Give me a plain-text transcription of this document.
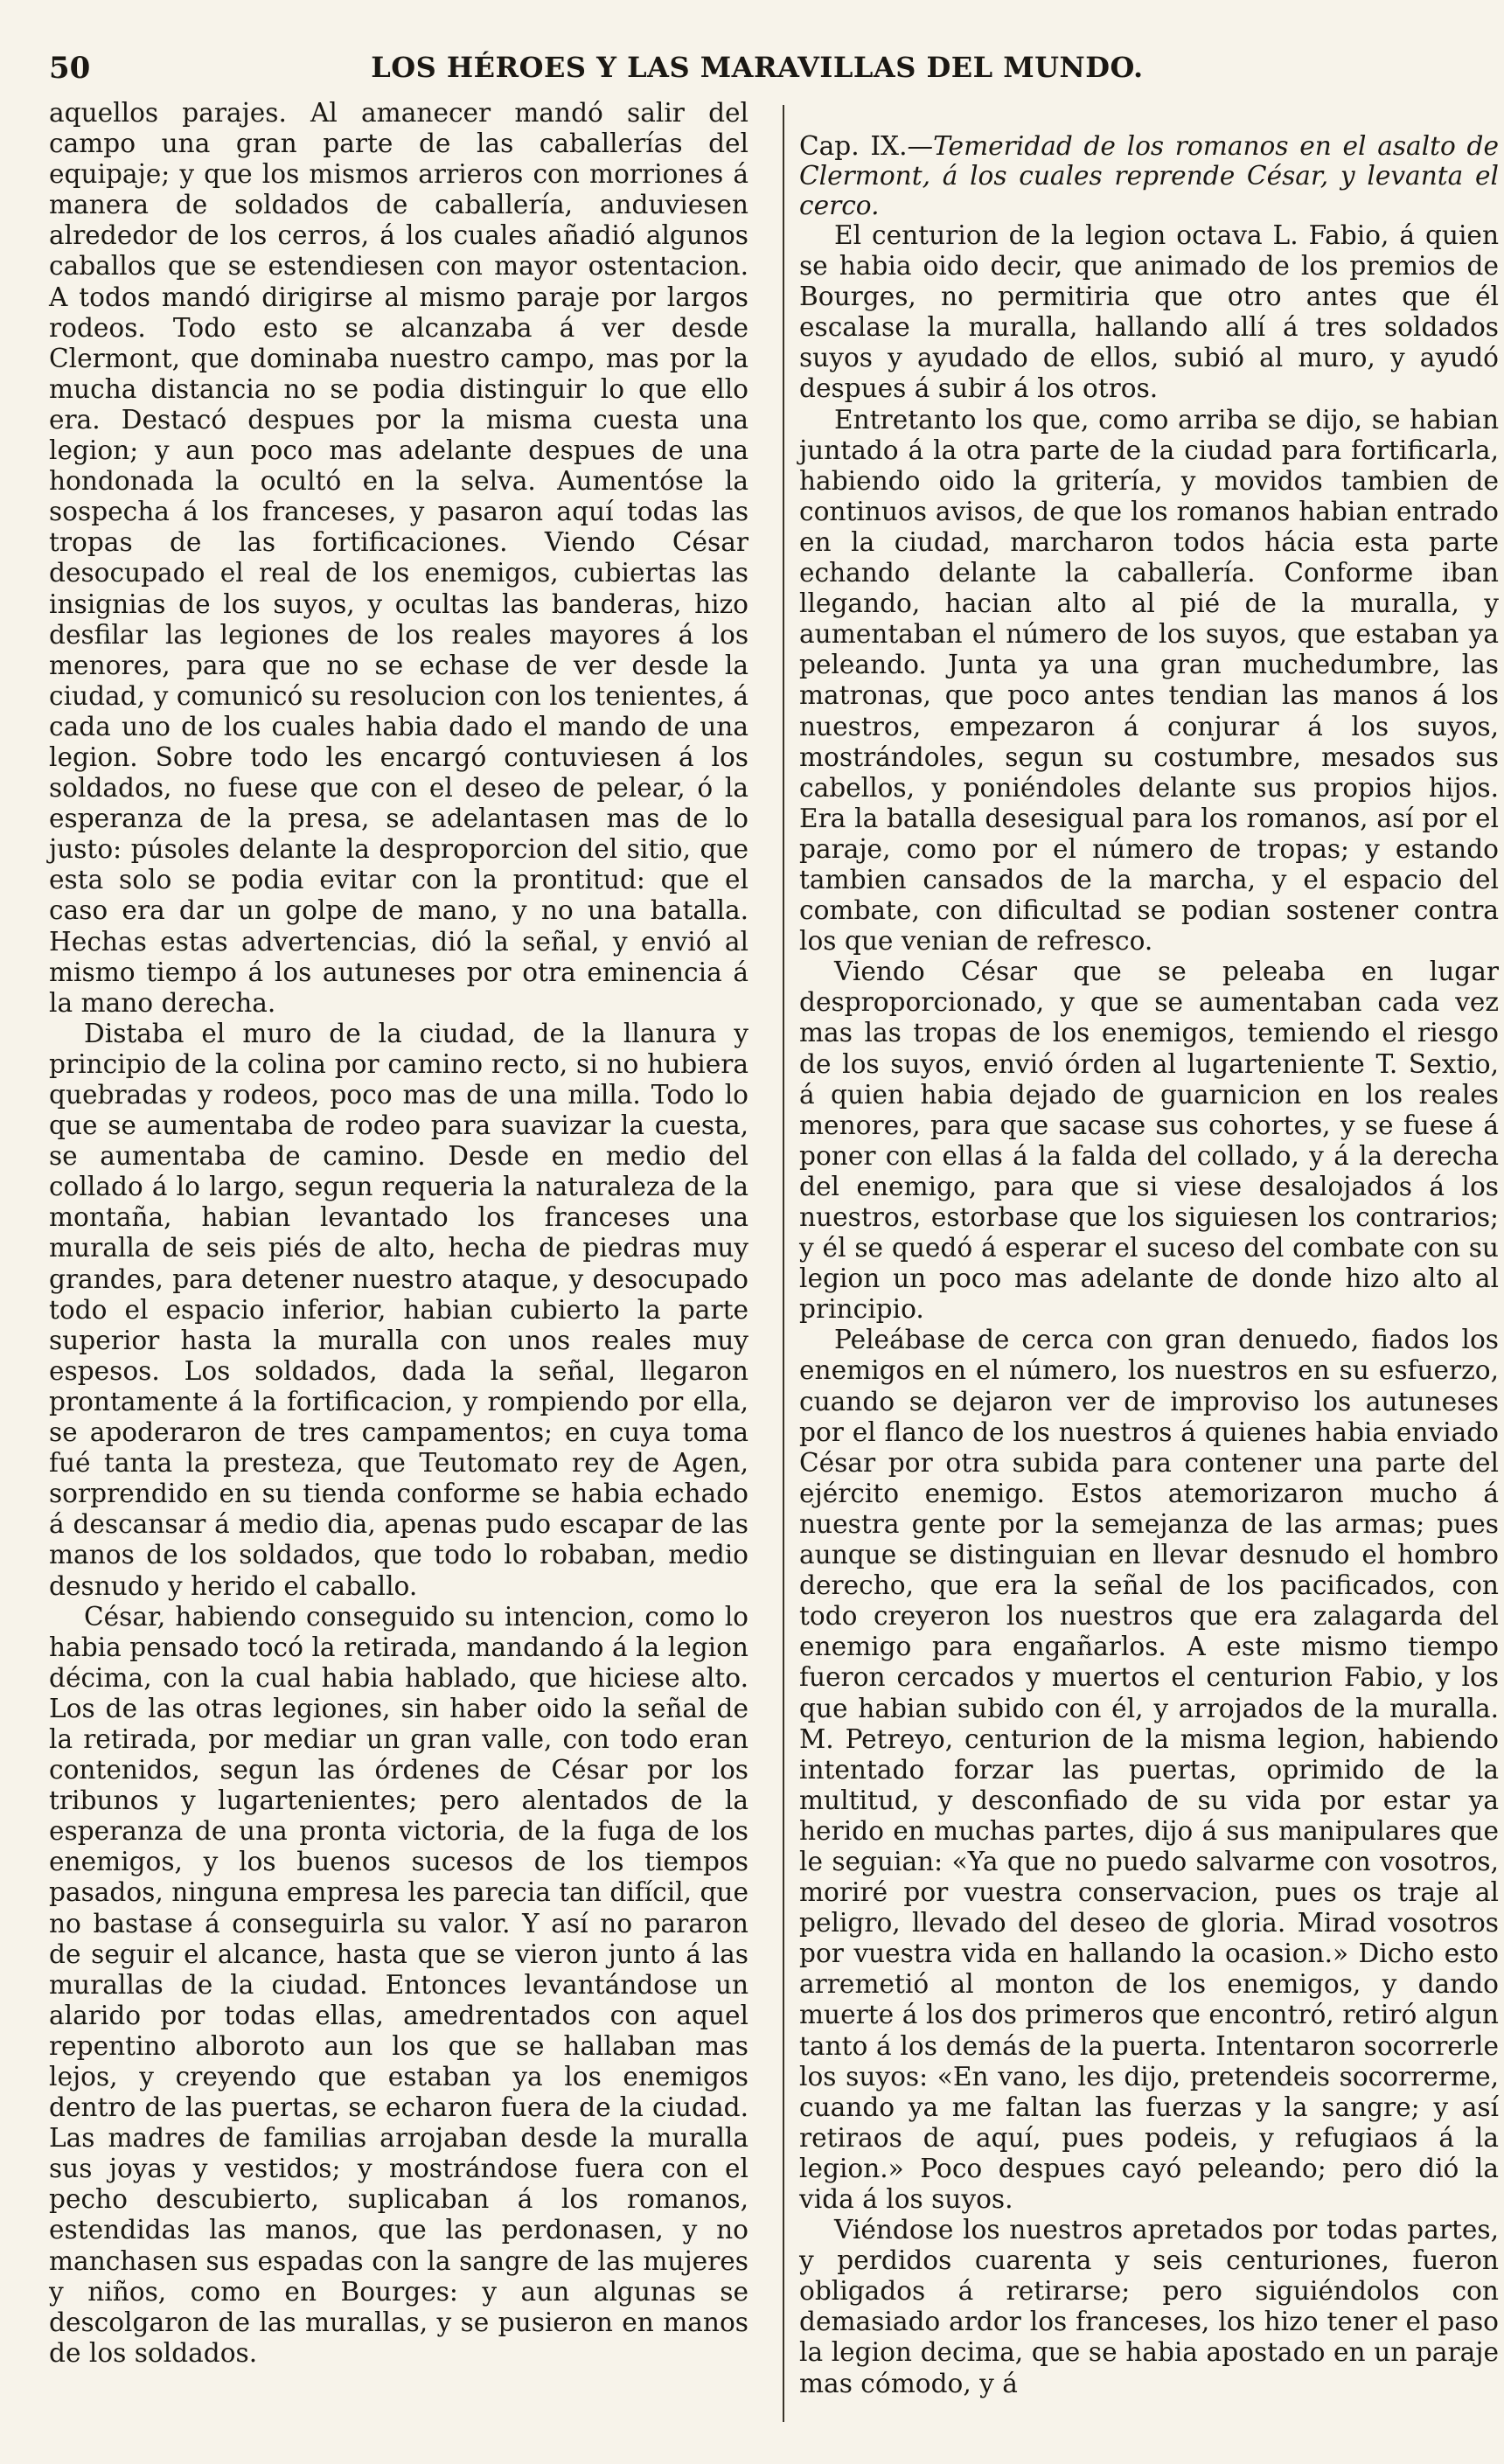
50	LOS HÉROES Y LAS MARAVILLAS DEL MUNDO.

aquellos parajes. Al amanecer mandó salir del campo una gran parte de las caballerías del equipaje; y que los mismos arrieros con morriones á manera de soldados de caballería, anduviesen alrededor de los cerros, á los cuales añadió algunos caballos que se estendiesen con mayor ostentacion. A todos mandó dirigirse al mismo paraje por largos rodeos. Todo esto se alcanzaba á ver desde Clermont, que dominaba nuestro campo, mas por la mucha distancia no se podia distinguir lo que ello era. Destacó despues por la misma cuesta una legion; y aun poco mas adelante despues de una hondonada la ocultó en la selva. Aumentóse la sospecha á los franceses, y pasaron aquí todas las tropas de las fortificaciones. Viendo César desocupado el real de los enemigos, cubiertas las insignias de los suyos, y ocultas las banderas, hizo desfilar las legiones de los reales mayores á los menores, para que no se echase de ver desde la ciudad, y comunicó su resolucion con los tenientes, á cada uno de los cuales habia dado el mando de una legion. Sobre todo les encargó contuviesen á los soldados, no fuese que con el deseo de pelear, ó la esperanza de la presa, se adelantasen mas de lo justo: púsoles delante la desproporcion del sitio, que esta solo se podia evitar con la prontitud: que el caso era dar un golpe de mano, y no una batalla. Hechas estas advertencias, dió la señal, y envió al mismo tiempo á los autuneses por otra eminencia á la mano derecha.

Distaba el muro de la ciudad, de la llanura y principio de la colina por camino recto, si no hubiera quebradas y rodeos, poco mas de una milla. Todo lo que se aumentaba de rodeo para suavizar la cuesta, se aumentaba de camino. Desde en medio del collado á lo largo, segun requeria la naturaleza de la montaña, habian levantado los franceses una muralla de seis piés de alto, hecha de piedras muy grandes, para detener nuestro ataque, y desocupado todo el espacio inferior, habian cubierto la parte superior hasta la muralla con unos reales muy espesos. Los soldados, dada la señal, llegaron prontamente á la fortificacion, y rompiendo por ella, se apoderaron de tres campamentos; en cuya toma fué tanta la presteza, que Teutomato rey de Agen, sorprendido en su tienda conforme se habia echado á descansar á medio dia, apenas pudo escapar de las manos de los soldados, que todo lo robaban, medio desnudo y herido el caballo.

César, habiendo conseguido su intencion, como lo habia pensado tocó la retirada, mandando á la legion décima, con la cual habia hablado, que hiciese alto. Los de las otras legiones, sin haber oido la señal de la retirada, por mediar un gran valle, con todo eran contenidos, segun las órdenes de César por los tribunos y lugartenientes; pero alentados de la esperanza de una pronta victoria, de la fuga de los enemigos, y los buenos sucesos de los tiempos pasados, ninguna empresa les parecia tan difícil, que no bastase á conseguirla su valor. Y así no pararon de seguir el alcance, hasta que se vieron junto á las murallas de la ciudad. Entonces levantándose un alarido por todas ellas, amedrentados con aquel repentino alboroto aun los que se hallaban mas lejos, y creyendo que estaban ya los enemigos dentro de las puertas, se echaron fuera de la ciudad. Las madres de familias arrojaban desde la muralla sus joyas y vestidos; y mostrándose fuera con el pecho descubierto, suplicaban á los romanos, estendidas las manos, que las perdonasen, y no manchasen sus espadas con la sangre de las mujeres y niños, como en Bourges: y aun algunas se descolgaron de las murallas, y se pusieron en manos de los soldados.

Cap. IX.—Temeridad de los romanos en el asalto de Clermont, á los cuales reprende César, y levanta el cerco.

El centurion de la legion octava L. Fabio, á quien se habia oido decir, que animado de los premios de Bourges, no permitiria que otro antes que él escalase la muralla, hallando allí á tres soldados suyos y ayudado de ellos, subió al muro, y ayudó despues á subir á los otros.

Entretanto los que, como arriba se dijo, se habian juntado á la otra parte de la ciudad para fortificarla, habiendo oido la gritería, y movidos tambien de continuos avisos, de que los romanos habian entrado en la ciudad, marcharon todos hácia esta parte echando delante la caballería. Conforme iban llegando, hacian alto al pié de la muralla, y aumentaban el número de los suyos, que estaban ya peleando. Junta ya una gran muchedumbre, las matronas, que poco antes tendian las manos á los nuestros, empezaron á conjurar á los suyos, mostrándoles, segun su costumbre, mesados sus cabellos, y poniéndoles delante sus propios hijos. Era la batalla desesigual para los romanos, así por el paraje, como por el número de tropas; y estando tambien cansados de la marcha, y el espacio del combate, con dificultad se podian sostener contra los que venian de refresco.

Viendo César que se peleaba en lugar desproporcionado, y que se aumentaban cada vez mas las tropas de los enemigos, temiendo el riesgo de los suyos, envió órden al lugarteniente T. Sextio, á quien habia dejado de guarnicion en los reales menores, para que sacase sus cohortes, y se fuese á poner con ellas á la falda del collado, y á la derecha del enemigo, para que si viese desalojados á los nuestros, estorbase que los siguiesen los contrarios; y él se quedó á esperar el suceso del combate con su legion un poco mas adelante de donde hizo alto al principio.

Peleábase de cerca con gran denuedo, fiados los enemigos en el número, los nuestros en su esfuerzo, cuando se dejaron ver de improviso los autuneses por el flanco de los nuestros á quienes habia enviado César por otra subida para contener una parte del ejército enemigo. Estos atemorizaron mucho á nuestra gente por la semejanza de las armas; pues aunque se distinguian en llevar desnudo el hombro derecho, que era la señal de los pacificados, con todo creyeron los nuestros que era zalagarda del enemigo para engañarlos. A este mismo tiempo fueron cercados y muertos el centurion Fabio, y los que habian subido con él, y arrojados de la muralla. M. Petreyo, centurion de la misma legion, habiendo intentado forzar las puertas, oprimido de la multitud, y desconfiado de su vida por estar ya herido en muchas partes, dijo á sus manipulares que le seguian: «Ya que no puedo salvarme con vosotros, moriré por vuestra conservacion, pues os traje al peligro, llevado del deseo de gloria. Mirad vosotros por vuestra vida en hallando la ocasion.» Dicho esto arremetió al monton de los enemigos, y dando muerte á los dos primeros que encontró, retiró algun tanto á los demás de la puerta. Intentaron socorrerle los suyos: «En vano, les dijo, pretendeis socorrerme, cuando ya me faltan las fuerzas y la sangre; y así retiraos de aquí, pues podeis, y refugiaos á la legion.» Poco despues cayó peleando; pero dió la vida á los suyos.

Viéndose los nuestros apretados por todas partes, y perdidos cuarenta y seis centuriones, fueron obligados á retirarse; pero siguiéndolos con demasiado ardor los franceses, los hizo tener el paso la legion decima, que se habia apostado en un paraje mas cómodo, y á
